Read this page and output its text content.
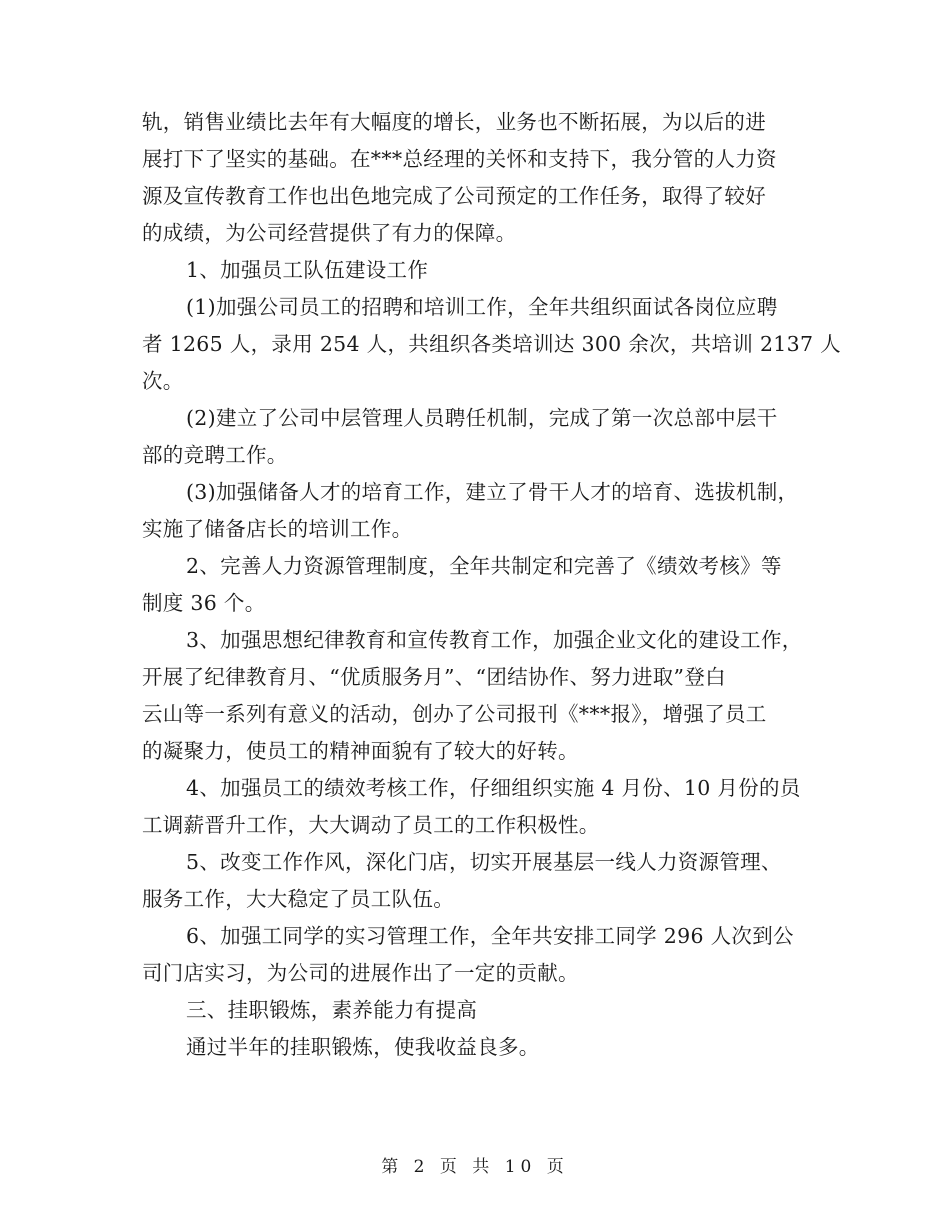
轨，销售业绩比去年有大幅度的增长，业务也不断拓展，为以后的进
展打下了坚实的基础。在***总经理的关怀和支持下，我分管的人力资
源及宣传教育工作也出色地完成了公司预定的工作任务，取得了较好
的成绩，为公司经营提供了有力的保障。
1、加强员工队伍建设工作
(1)加强公司员工的招聘和培训工作，全年共组织面试各岗位应聘
者 1265 人，录用 254 人，共组织各类培训达 300 余次，共培训 2137 人
次。
(2)建立了公司中层管理人员聘任机制，完成了第一次总部中层干
部的竞聘工作。
(3)加强储备人才的培育工作，建立了骨干人才的培育、选拔机制，
实施了储备店长的培训工作。
2、完善人力资源管理制度，全年共制定和完善了《绩效考核》等
制度 36 个。
3、加强思想纪律教育和宣传教育工作，加强企业文化的建设工作，
开展了纪律教育月、“优质服务月”、“团结协作、努力进取”登白
云山等一系列有意义的活动，创办了公司报刊《***报》，增强了员工
的凝聚力，使员工的精神面貌有了较大的好转。
4、加强员工的绩效考核工作，仔细组织实施 4 月份、10 月份的员
工调薪晋升工作，大大调动了员工的工作积极性。
5、改变工作作风，深化门店，切实开展基层一线人力资源管理、
服务工作，大大稳定了员工队伍。
6、加强工同学的实习管理工作，全年共安排工同学 296 人次到公
司门店实习，为公司的进展作出了一定的贡献。
三、挂职锻炼，素养能力有提高
通过半年的挂职锻炼，使我收益良多。
第 2 页 共 10 页
